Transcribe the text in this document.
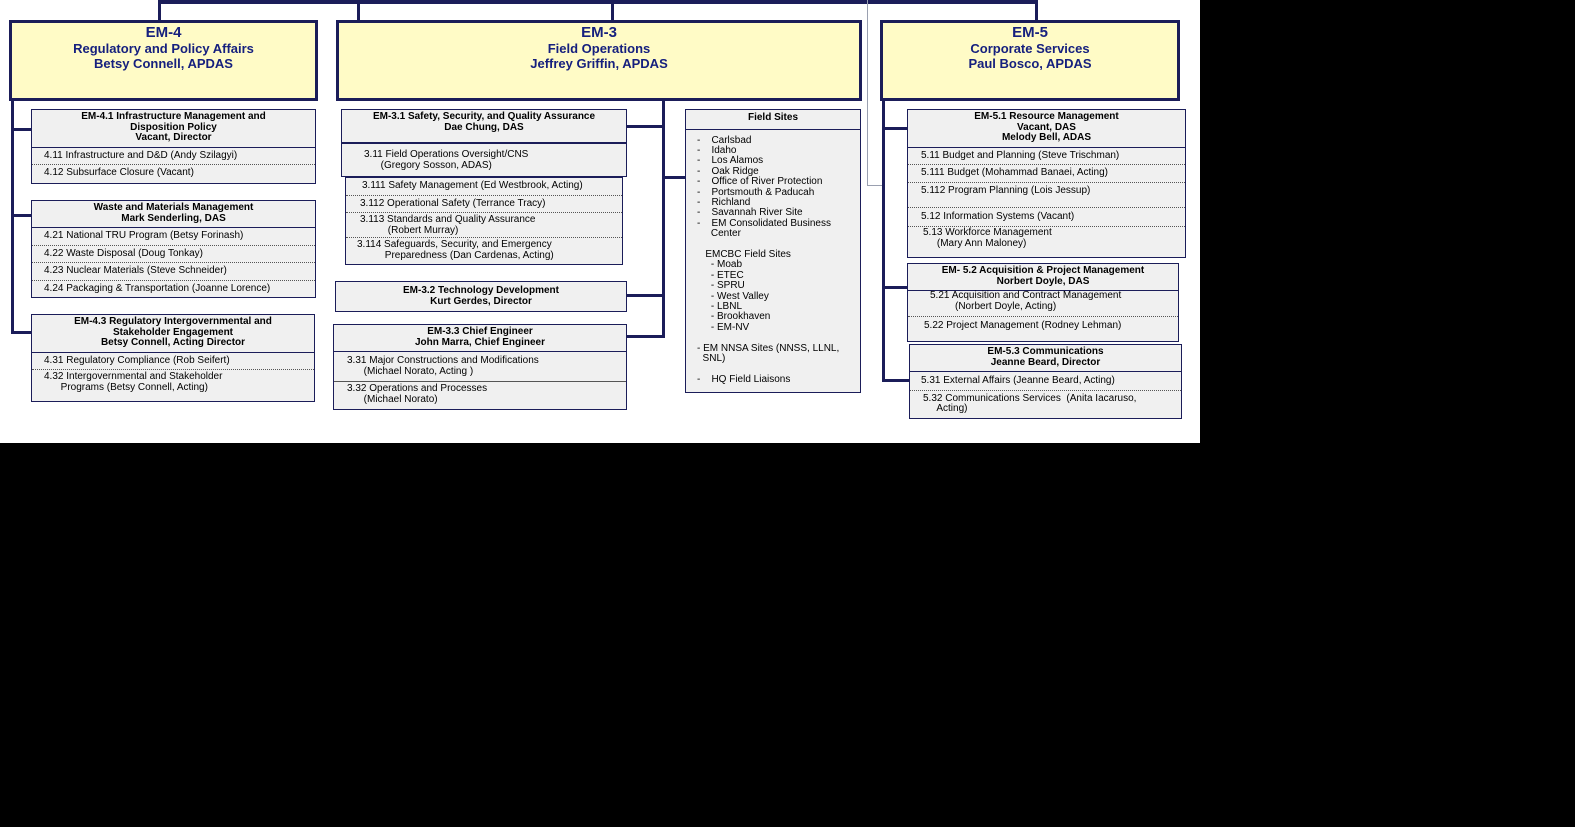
EM-4
Regulatory and Policy Affairs
Betsy Connell, APDAS
EM-3
Field Operations
Jeffrey Griffin, APDAS
EM-5
Corporate Services
Paul Bosco, APDAS
EM-4.1 Infrastructure Management and
Disposition Policy
Vacant, Director
4.11 Infrastructure and D&D (Andy Szilagyi)
4.12 Subsurface Closure (Vacant)
Waste and Materials Management
Mark Senderling, DAS
4.21 National TRU Program (Betsy Forinash)
4.22 Waste Disposal (Doug Tonkay)
4.23 Nuclear Materials (Steve Schneider)
4.24 Packaging & Transportation (Joanne Lorence)
EM-4.3 Regulatory Intergovernmental and
Stakeholder Engagement
Betsy Connell, Acting Director
4.31 Regulatory Compliance (Rob Seifert)
4.32 Intergovernmental and Stakeholder
Programs (Betsy Connell, Acting)
EM-3.1 Safety, Security, and Quality Assurance
Dae Chung, DAS
3.11 Field Operations Oversight/CNS
(Gregory Sosson, ADAS)
3.111 Safety Management (Ed Westbrook, Acting)
3.112 Operational Safety (Terrance Tracy)
3.113 Standards and Quality Assurance
(Robert Murray)
3.114 Safeguards, Security, and Emergency
Preparedness (Dan Cardenas, Acting)
EM-3.2 Technology Development
Kurt Gerdes, Director
EM-3.3 Chief Engineer
John Marra, Chief Engineer
3.31 Major Constructions and Modifications
(Michael Norato, Acting )
3.32 Operations and Processes
(Michael Norato)
Field Sites
-    Carlsbad
-    Idaho
-    Los Alamos
-    Oak Ridge
-    Office of River Protection
-    Portsmouth & Paducah
-    Richland
-    Savannah River Site
-    EM Consolidated Business
Center

EMCBC Field Sites
- Moab
- ETEC
- SPRU
- West Valley
- LBNL
- Brookhaven
- EM-NV

- EM NNSA Sites (NNSS, LLNL,
SNL)

-    HQ Field Liaisons
EM-5.1 Resource Management
Vacant, DAS
Melody Bell, ADAS
5.11 Budget and Planning (Steve Trischman)
5.111 Budget (Mohammad Banaei, Acting)
5.112 Program Planning (Lois Jessup)

5.12 Information Systems (Vacant)
5.13 Workforce Management
(Mary Ann Maloney)
EM- 5.2 Acquisition & Project Management
Norbert Doyle, DAS
5.21 Acquisition and Contract Management
(Norbert Doyle, Acting)
5.22 Project Management (Rodney Lehman)
EM-5.3 Communications
Jeanne Beard, Director
5.31 External Affairs (Jeanne Beard, Acting)
5.32 Communications Services  (Anita Iacaruso,
Acting)
